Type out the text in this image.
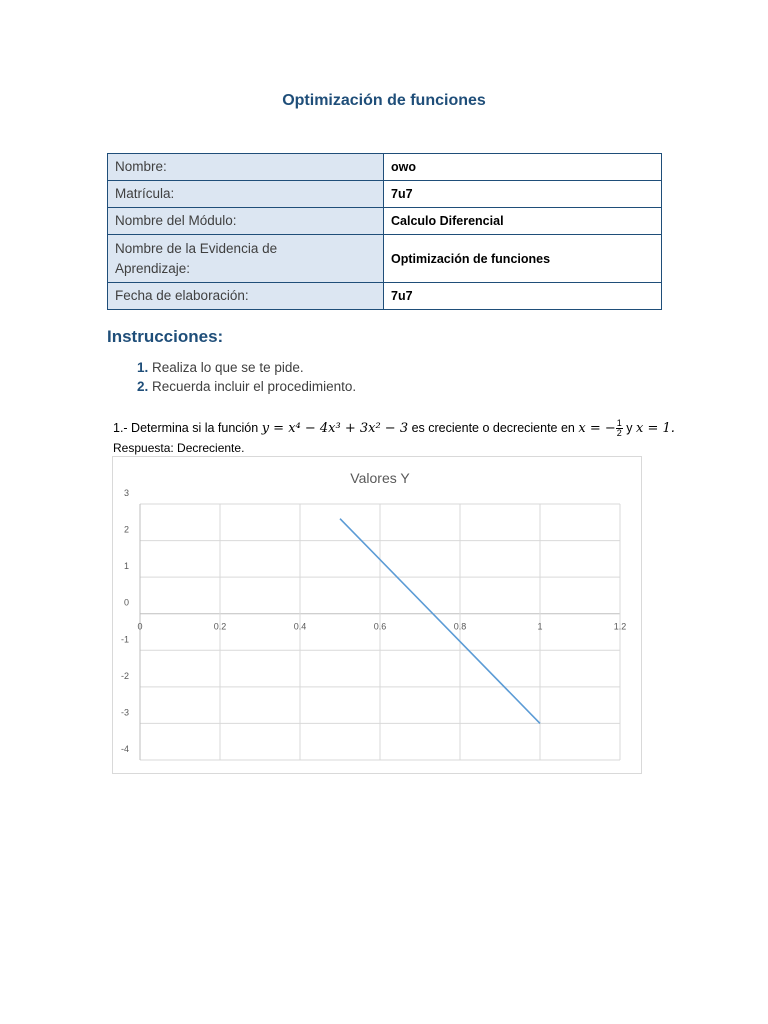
Optimización de funciones
Nombre:	owo
Matrícula:	7u7
Nombre del Módulo:	Calculo Diferencial
Nombre de la Evidencia de
Aprendizaje:	Optimización de funciones
Fecha de elaboración:	7u7
Instrucciones:
1. Realiza lo que se te pide.
2. Recuerda incluir el procedimiento.
1.- Determina si la función y = x⁴ − 4x³ + 3x² − 3 es creciente o decreciente en x = − $\frac{1}{2}$ y x = 1.
Respuesta: Decreciente.
Valores Y
3
2
1
0
-1
-2
-3
-4
0	0.2	0.4	0.6	0.8	1	1.2
